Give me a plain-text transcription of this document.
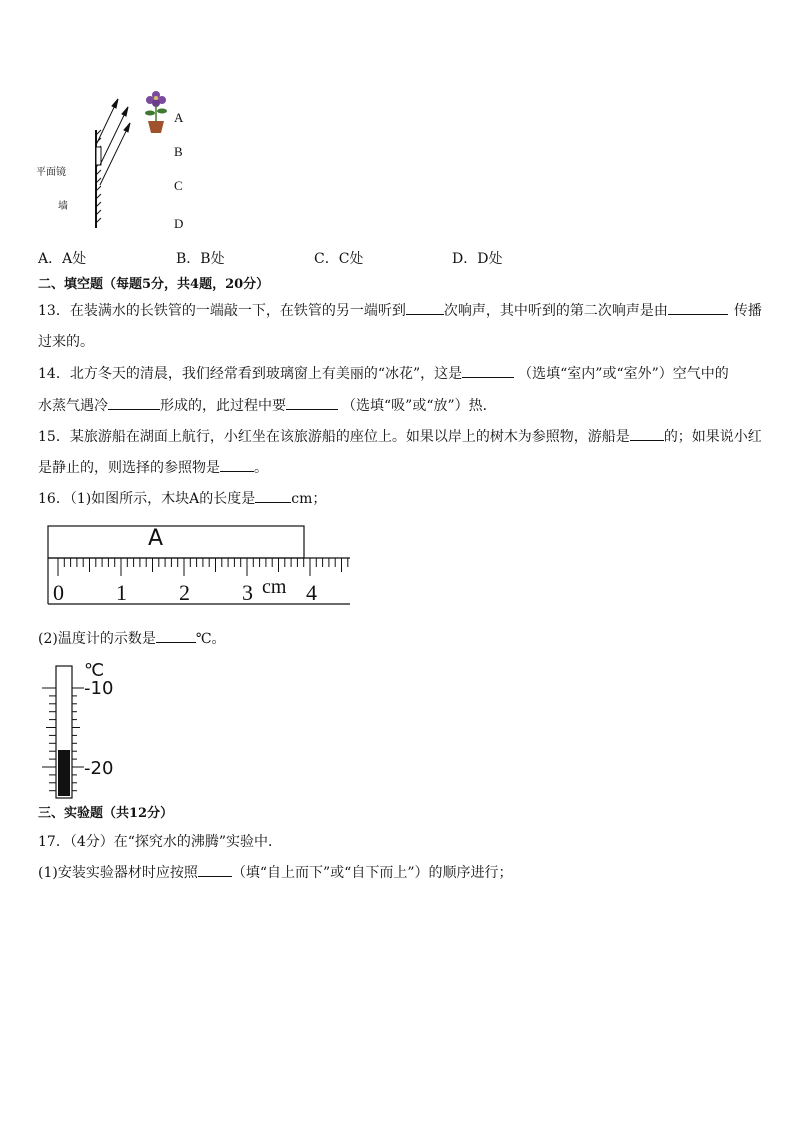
平面镜
墙
A
B
C
D
A．A处	B．B处	C．C处	D．D处
二、填空题（每题5分，共4题，20分）
13．在装满水的长铁管的一端敲一下，在铁管的另一端听到	次响声，其中听到的第二次响声是由	传播
过来的。
14．北方冬天的清晨，我们经常看到玻璃窗上有美丽的“冰花”，这是	（选填“室内”或“室外”）空气中的
水蒸气遇冷	形成的，此过程中要	（选填“吸”或“放”）热．
15．某旅游船在湖面上航行，小红坐在该旅游船的座位上。如果以岸上的树木为参照物，游船是 的；如果说小红
是静止的，则选择的参照物是 。
16．（1)如图所示，木块A的长度是	cm；
A
0 1 2 3 cm 4
(2)温度计的示数是	℃。
℃
-10
-20
三、实验题（共12分）
17．（4分）在“探究水的沸腾”实验中．
(1)安装实验器材时应按照 （填“自上而下”或“自下而上”）的顺序进行；
